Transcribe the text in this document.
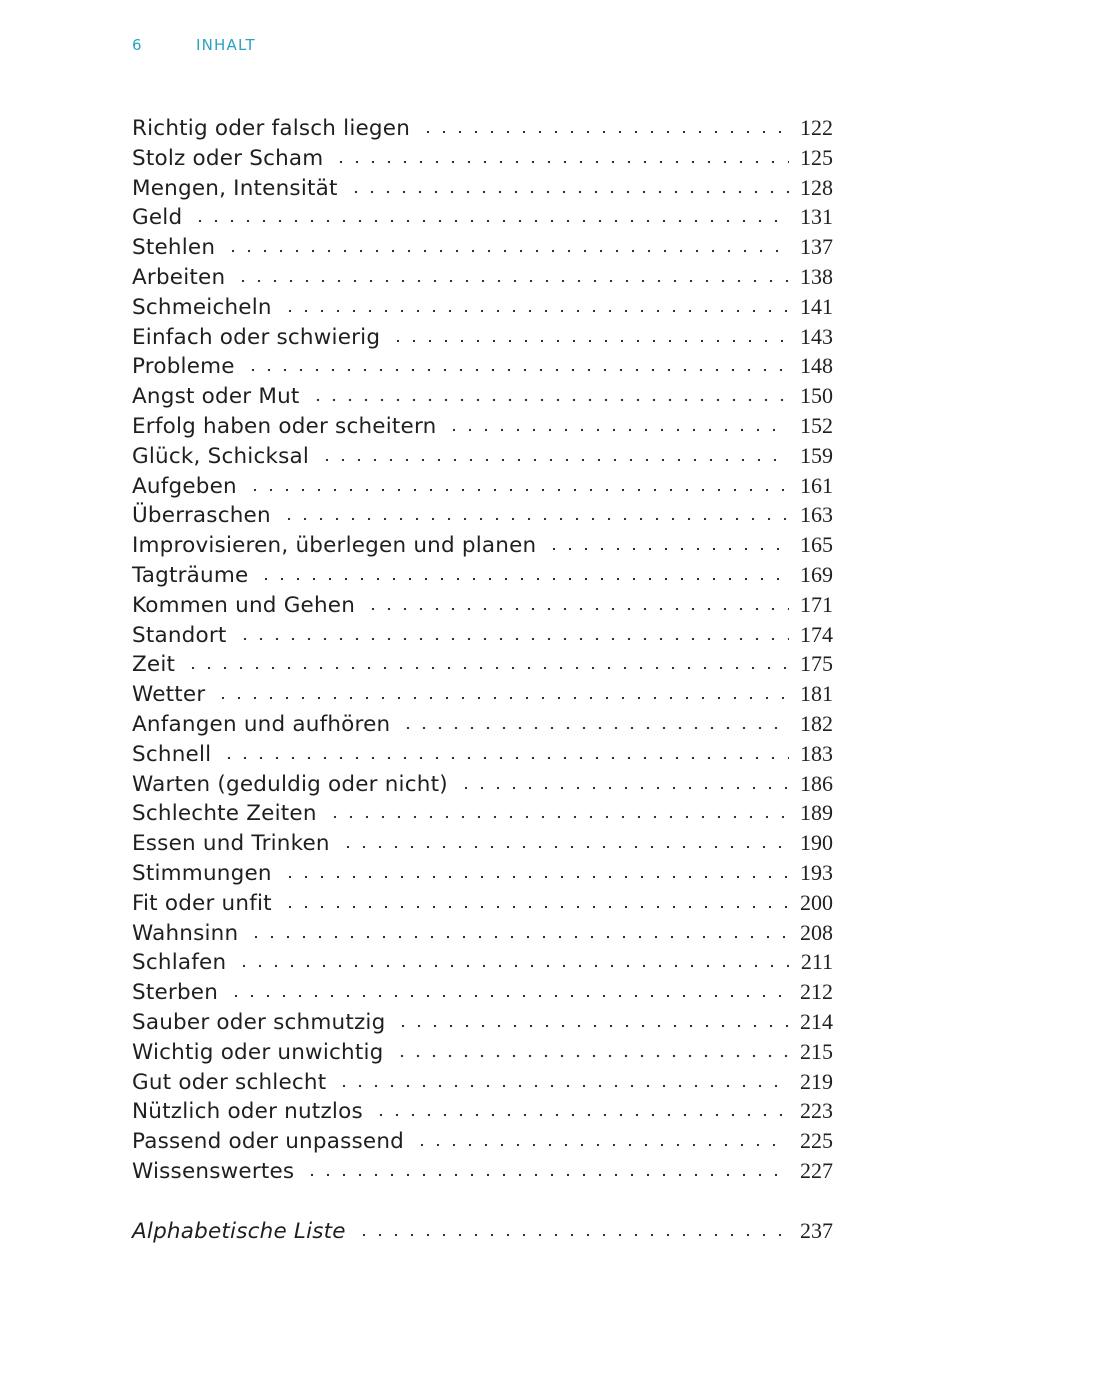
6	INHALT
Richtig oder falsch liegen	122
Stolz oder Scham	125
Mengen, Intensität	128
Geld	131
Stehlen	137
Arbeiten	138
Schmeicheln	141
Einfach oder schwierig	143
Probleme	148
Angst oder Mut	150
Erfolg haben oder scheitern	152
Glück, Schicksal	159
Aufgeben	161
Überraschen	163
Improvisieren, überlegen und planen	165
Tagträume	169
Kommen und Gehen	171
Standort	174
Zeit	175
Wetter	181
Anfangen und aufhören	182
Schnell	183
Warten (geduldig oder nicht)	186
Schlechte Zeiten	189
Essen und Trinken	190
Stimmungen	193
Fit oder unfit	200
Wahnsinn	208
Schlafen	211
Sterben	212
Sauber oder schmutzig	214
Wichtig oder unwichtig	215
Gut oder schlecht	219
Nützlich oder nutzlos	223
Passend oder unpassend	225
Wissenswertes	227
Alphabetische Liste	237
